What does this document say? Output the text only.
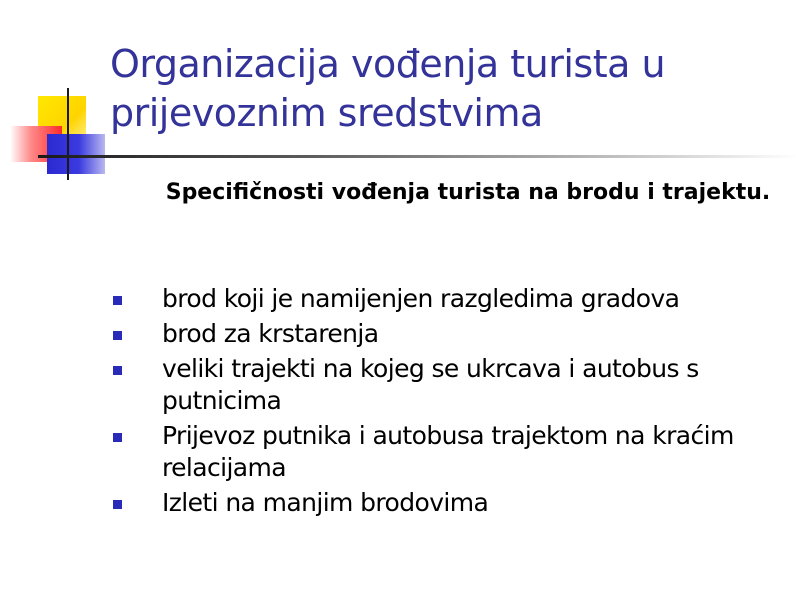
Organizacija vođenja turista u prijevoznim sredstvima
Specifičnosti vođenja turista na brodu i trajektu.
brod koji je namijenjen razgledima gradova
brod za krstarenja
veliki trajekti na kojeg se ukrcava i autobus s putnicima
Prijevoz putnika i autobusa trajektom na kraćim relacijama
Izleti na manjim brodovima
